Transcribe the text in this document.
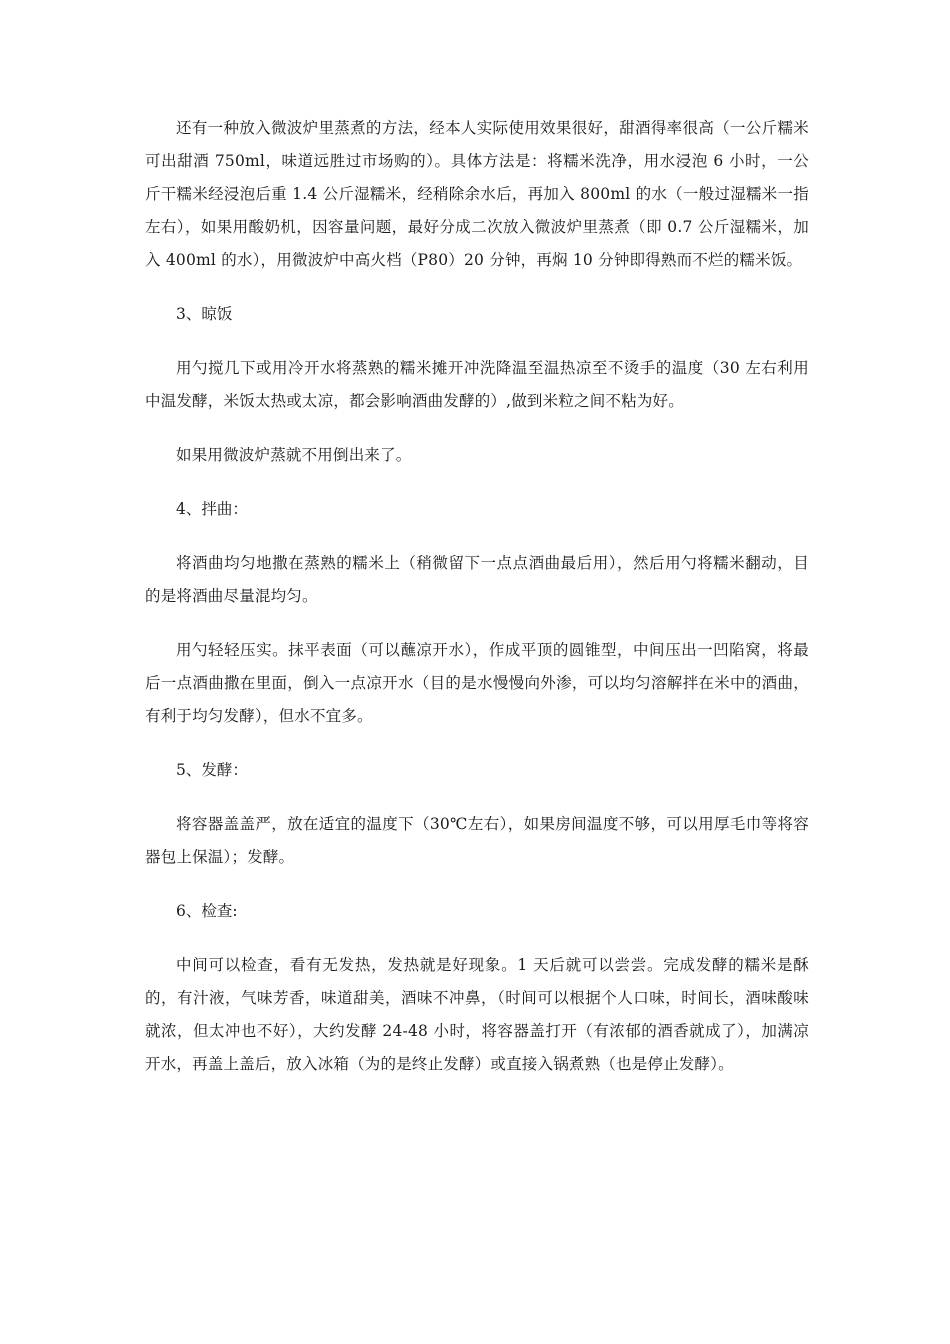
还有一种放入微波炉里蒸煮的方法，经本人实际使用效果很好，甜酒得率很高（一公斤糯米可出甜酒 750ml，味道远胜过市场购的）。具体方法是：将糯米洗净，用水浸泡 6 小时，一公斤干糯米经浸泡后重 1.4 公斤湿糯米，经稍除余水后，再加入 800ml 的水（一般过湿糯米一指左右），如果用酸奶机，因容量问题，最好分成二次放入微波炉里蒸煮（即 0.7 公斤湿糯米，加入 400ml 的水），用微波炉中高火档（P80）20 分钟，再焖 10 分钟即得熟而不烂的糯米饭。

3、晾饭

用勺搅几下或用冷开水将蒸熟的糯米摊开冲洗降温至温热凉至不烫手的温度（30 左右利用中温发酵，米饭太热或太凉，都会影响酒曲发酵的）,做到米粒之间不粘为好。

如果用微波炉蒸就不用倒出来了。

4、拌曲：

将酒曲均匀地撒在蒸熟的糯米上（稍微留下一点点酒曲最后用），然后用勺将糯米翻动，目的是将酒曲尽量混均匀。

用勺轻轻压实。抹平表面（可以蘸凉开水），作成平顶的圆锥型，中间压出一凹陷窝，将最后一点酒曲撒在里面，倒入一点凉开水（目的是水慢慢向外渗，可以均匀溶解拌在米中的酒曲，有利于均匀发酵），但水不宜多。

5、发酵：

将容器盖盖严，放在适宜的温度下（30℃左右），如果房间温度不够，可以用厚毛巾等将容器包上保温）；发酵。

6、检查:

中间可以检查，看有无发热，发热就是好现象。1 天后就可以尝尝。完成发酵的糯米是酥的，有汁液，气味芳香，味道甜美，酒味不冲鼻，（时间可以根据个人口味，时间长，酒味酸味就浓，但太冲也不好），大约发酵 24-48 小时，将容器盖打开（有浓郁的酒香就成了），加满凉开水，再盖上盖后，放入冰箱（为的是终止发酵）或直接入锅煮熟（也是停止发酵）。
